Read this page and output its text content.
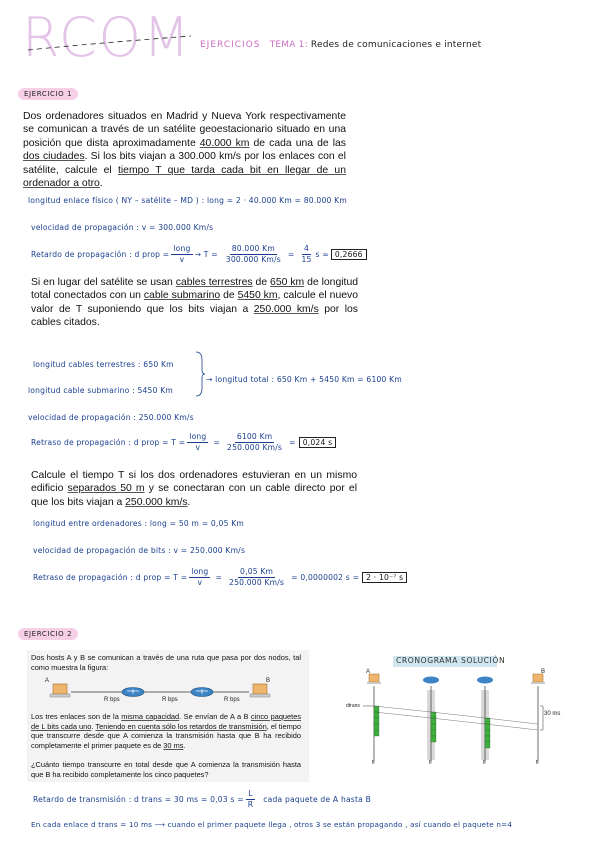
RCOM EJERCICIOS TEMA 1: Redes de comunicaciones e internet
EJERCICIO 1
Dos ordenadores situados en Madrid y Nueva York respectivamente se comunican a través de un satélite geoestacionario situado en una posición que dista aproximadamente 40.000 km de cada una de las dos ciudades. Si los bits viajan a 300.000 km/s por los enlaces con el satélite, calcule el tiempo T que tarda cada bit en llegar de un ordenador a otro.
longitud enlace físico ( NY – satélite – MD ) : long = 2 · 40.000 Km = 80.000 Km
velocidad de propagación : v = 300.000 Km/s
Retardo de propagación : d prop = $\frac{\text{long}}{v} \to T = \frac{80.000 Km}{300.000 Km/s} = \frac{4}{15}$ s ≈ 0,2666
Si en lugar del satélite se usan cables terrestres de 650 km de longitud total conectados con un cable submarino de 5450 km, calcule el nuevo valor de T suponiendo que los bits viajan a 250.000 km/s por los cables citados.
longitud cables terrestres : 650 Km
longitud cable submarino : 5450 Km
→ longitud total : 650 Km + 5450 Km = 6100 Km
velocidad de propagación : 250.000 Km/s
Retraso de propagación : d prop = $T = \frac{\text{long}}{v} = \frac{6100 Km}{250.000 Km/s} = 0,024$ s
Calcule el tiempo T si los dos ordenadores estuvieran en un mismo edificio separados 50 m y se conectaran con un cable directo por el que los bits viajan a 250.000 km/s.
longitud entre ordenadores : long = 50 m = 0,05 Km
velocidad de propagación de bits : v = 250.000 Km/s
Retraso de propagación : d prop = $T = \frac{\text{long}}{v} = \frac{0,05 Km}{250.000 Km/s} = 0,0000002$ s = 2 · 10⁻⁷ s
EJERCICIO 2
Dos hosts A y B se comunican a través de una ruta que pasa por dos nodos, tal como muestra la figura:
A	B
R bps	R bps	R bps
Los tres enlaces son de la misma capacidad. Se envían de A a B cinco paquetes de L bits cada uno. Teniendo en cuenta sólo los retardos de transmisión, el tiempo que transcurre desde que A comienza la transmisión hasta que B ha recibido completamente el primer paquete es de 30 ms.
¿Cuánto tiempo transcurre en total desde que A comienza la transmisión hasta que B ha recibido completamente los cinco paquetes?
CRONOGRAMA SOLUCIÓN
A	B
dtrans
30 ms
t	t	t	t
Retardo de transmisión : d trans = 30 ms = 0,03 $s = \frac{L}{R}$ cada paquete de A hasta B
En cada enlace d trans = 10 ms ⟶ cuando el primer paquete llega , otros 3 se están propagando , así cuando el paquete n=4
